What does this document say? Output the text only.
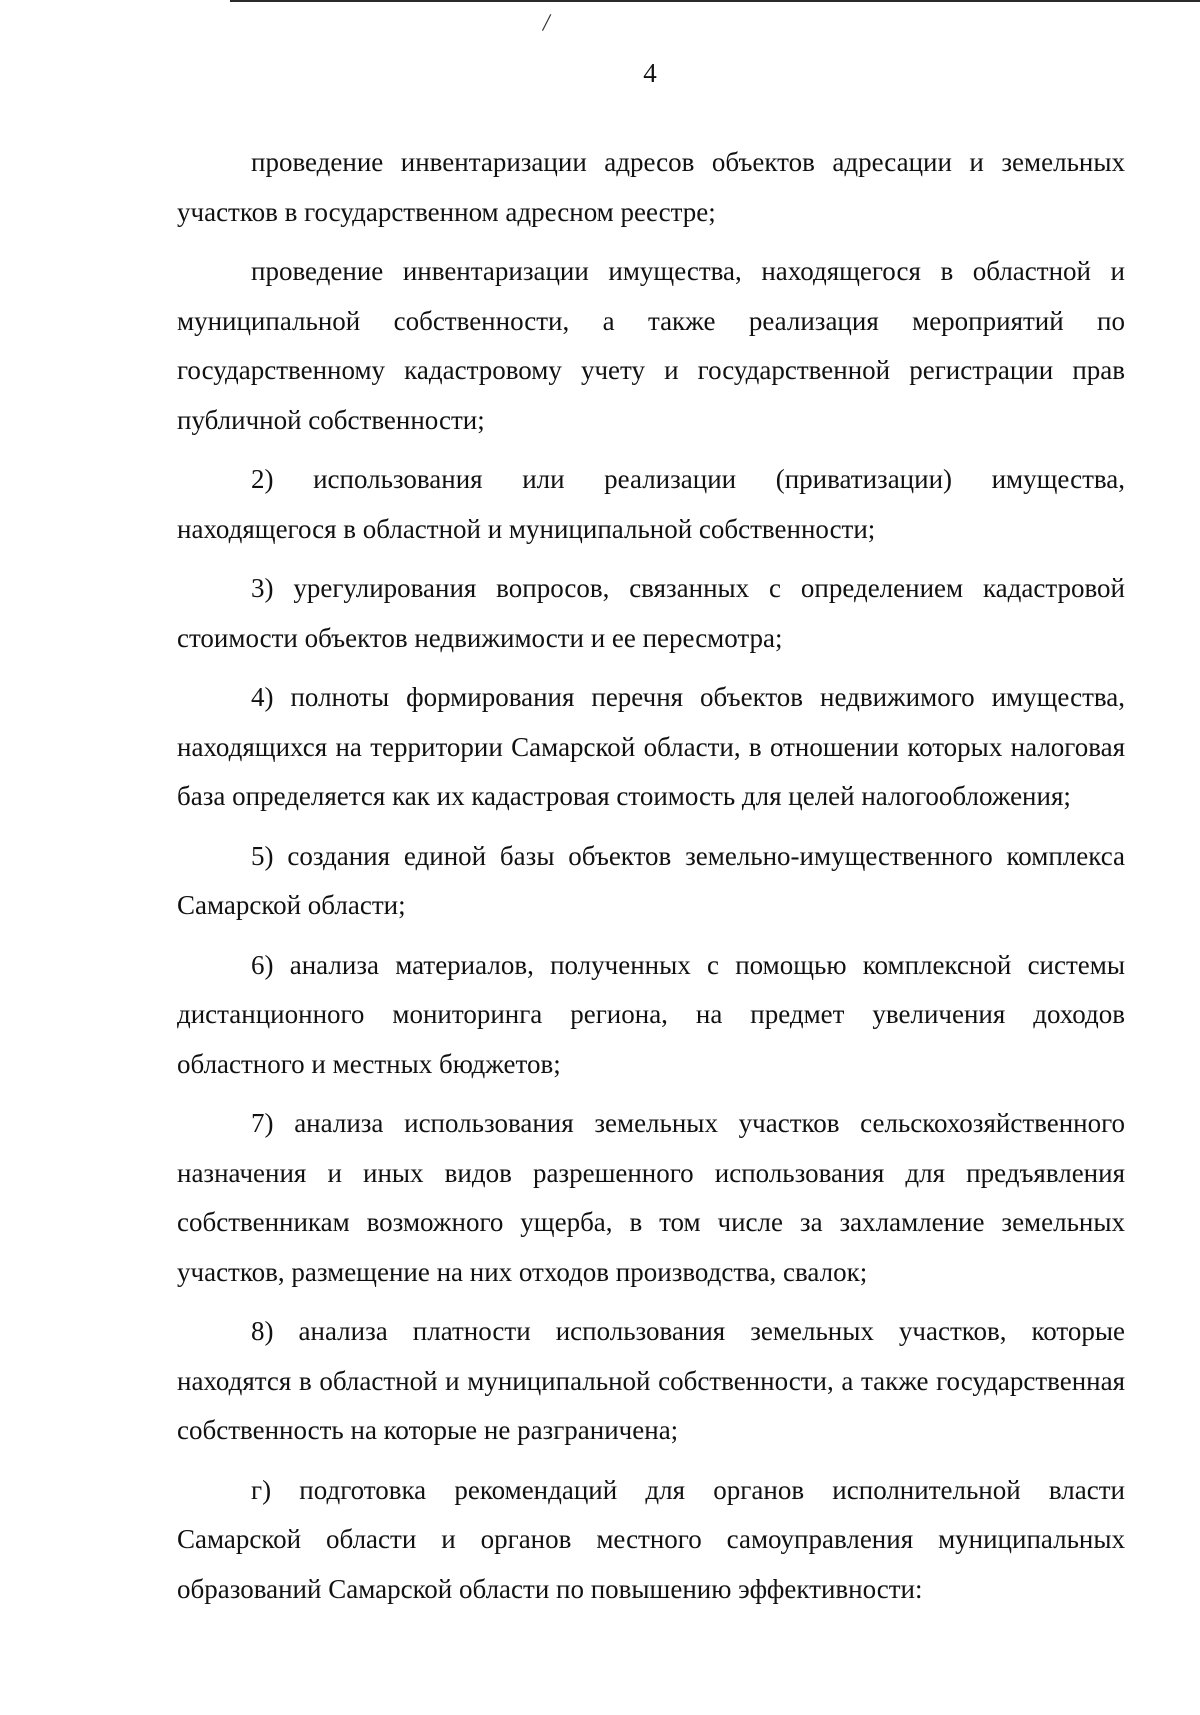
/
4

проведение инвентаризации адресов объектов адресации и земельных участков в государственном адресном реестре;

проведение инвентаризации имущества, находящегося в областной и муниципальной собственности, а также реализация мероприятий по государственному кадастровому учету и государственной регистрации прав публичной собственности;

2) использования или реализации (приватизации) имущества, находящегося в областной и муниципальной собственности;

3) урегулирования вопросов, связанных с определением кадастровой стоимости объектов недвижимости и ее пересмотра;

4) полноты формирования перечня объектов недвижимого имущества, находящихся на территории Самарской области, в отношении которых налоговая база определяется как их кадастровая стоимость для целей налогообложения;

5) создания единой базы объектов земельно-имущественного комплекса Самарской области;

6) анализа материалов, полученных с помощью комплексной системы дистанционного мониторинга региона, на предмет увеличения доходов областного и местных бюджетов;

7) анализа использования земельных участков сельскохозяйственного назначения и иных видов разрешенного использования для предъявления собственникам возможного ущерба, в том числе за захламление земельных участков, размещение на них отходов производства, свалок;

8) анализа платности использования земельных участков, которые находятся в областной и муниципальной собственности, а также государственная собственность на которые не разграничена;

г) подготовка рекомендаций для органов исполнительной власти Самарской области и органов местного самоуправления муниципальных образований Самарской области по повышению эффективности:
